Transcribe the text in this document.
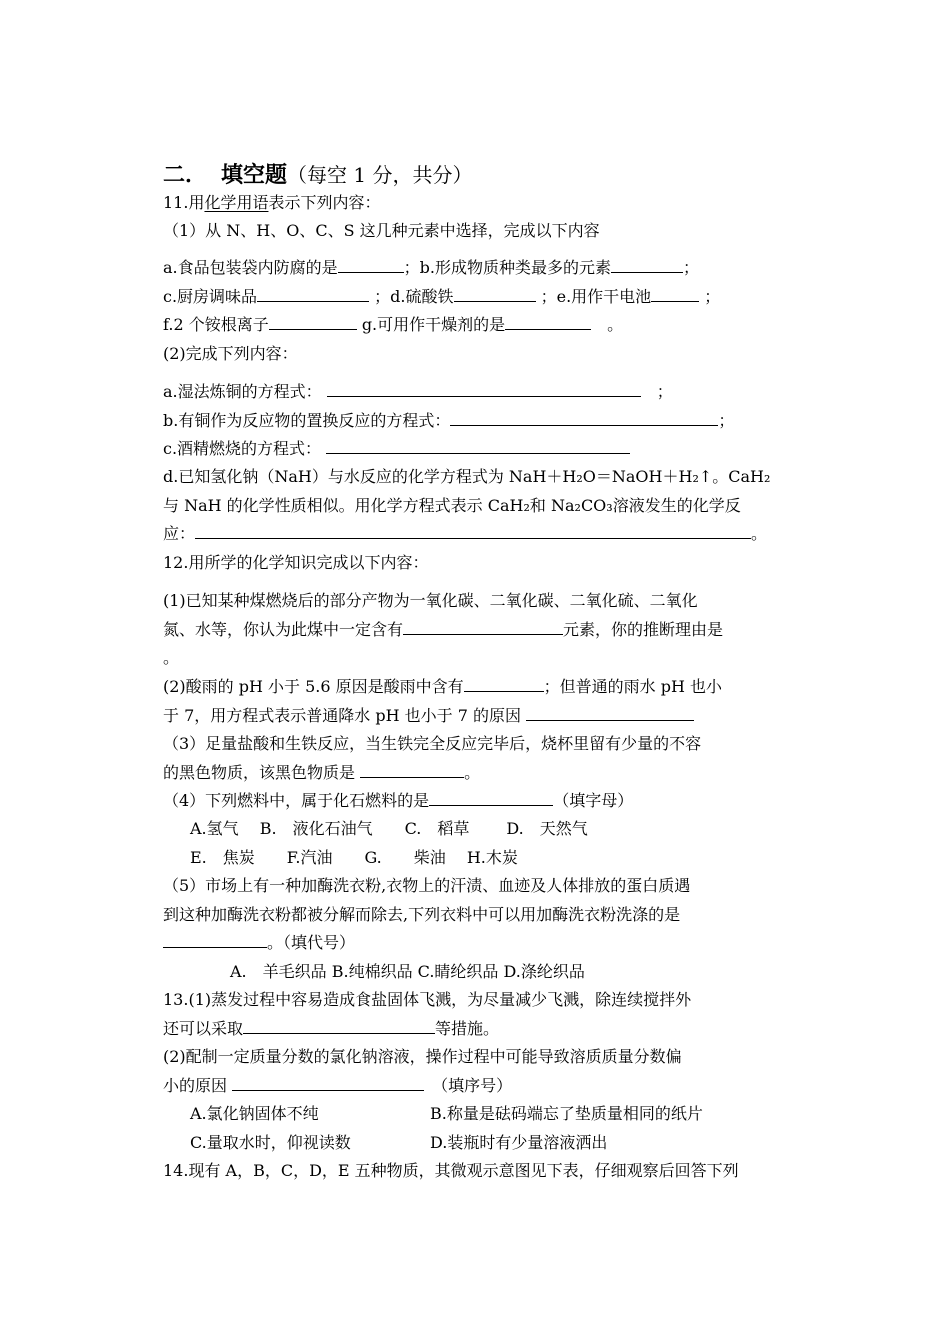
二． 填空题（每空 1 分，共分）
11.用化学用语表示下列内容：
（1）从 N、H、O、C、S 这几种元素中选择，完成以下内容
a.食品包装袋内防腐的是	；b.形成物质种类最多的元素	；
c.厨房调味品	；d.硫酸铁	；e.用作干电池	；
f.2 个铵根离子	g.可用作干燥剂的是　	。
(2)完成下列内容：
a.湿法炼铜的方程式： 　	；
b.有铜作为反应物的置换反应的方程式：	；
c.酒精燃烧的方程式：
d.已知氢化钠（NaH）与水反应的化学方程式为 NaH＋H₂O＝NaOH＋H₂↑。CaH₂
与 NaH 的化学性质相似。用化学方程式表示 CaH₂和 Na₂CO₃溶液发生的化学反
应：	。
12.用所学的化学知识完成以下内容：
(1)已知某种煤燃烧后的部分产物为一氧化碳、二氧化碳、二氧化硫、二氧化
氮、水等，你认为此煤中一定含有	元素，你的推断理由是
。
(2)酸雨的 pH 小于 5.6 原因是酸雨中含有	；但普通的雨水 pH 也小
于 7，用方程式表示普通降水 pH 也小于 7 的原因
（3）足量盐酸和生铁反应，当生铁完全反应完毕后，烧杯里留有少量的不容
的黑色物质，该黑色物质是	。
（4）下列燃料中，属于化石燃料的是	（填字母）
A.氢气　 B.　液化石油气　　C.　稻草　　 D.　天然气
E.　焦炭　　F.汽油　　G.　　柴油　 H.木炭
（5）市场上有一种加酶洗衣粉,衣物上的汗渍、血迹及人体排放的蛋白质遇
到这种加酶洗衣粉都被分解而除去,下列衣料中可以用加酶洗衣粉洗涤的是
。（填代号）
A.　羊毛织品 B.纯棉织品 C.睛纶织品 D.涤纶织品
13.(1)蒸发过程中容易造成食盐固体飞溅，为尽量减少飞溅，除连续搅拌外
还可以采取	等措施。
(2)配制一定质量分数的氯化钠溶液，操作过程中可能导致溶质质量分数偏
小的原因 　	（填序号）
A.氯化钠固体不纯	B.称量是砝码端忘了垫质量相同的纸片
C.量取水时，仰视读数	D.装瓶时有少量溶液洒出
14.现有 A，B，C，D，E 五种物质，其微观示意图见下表，仔细观察后回答下列
